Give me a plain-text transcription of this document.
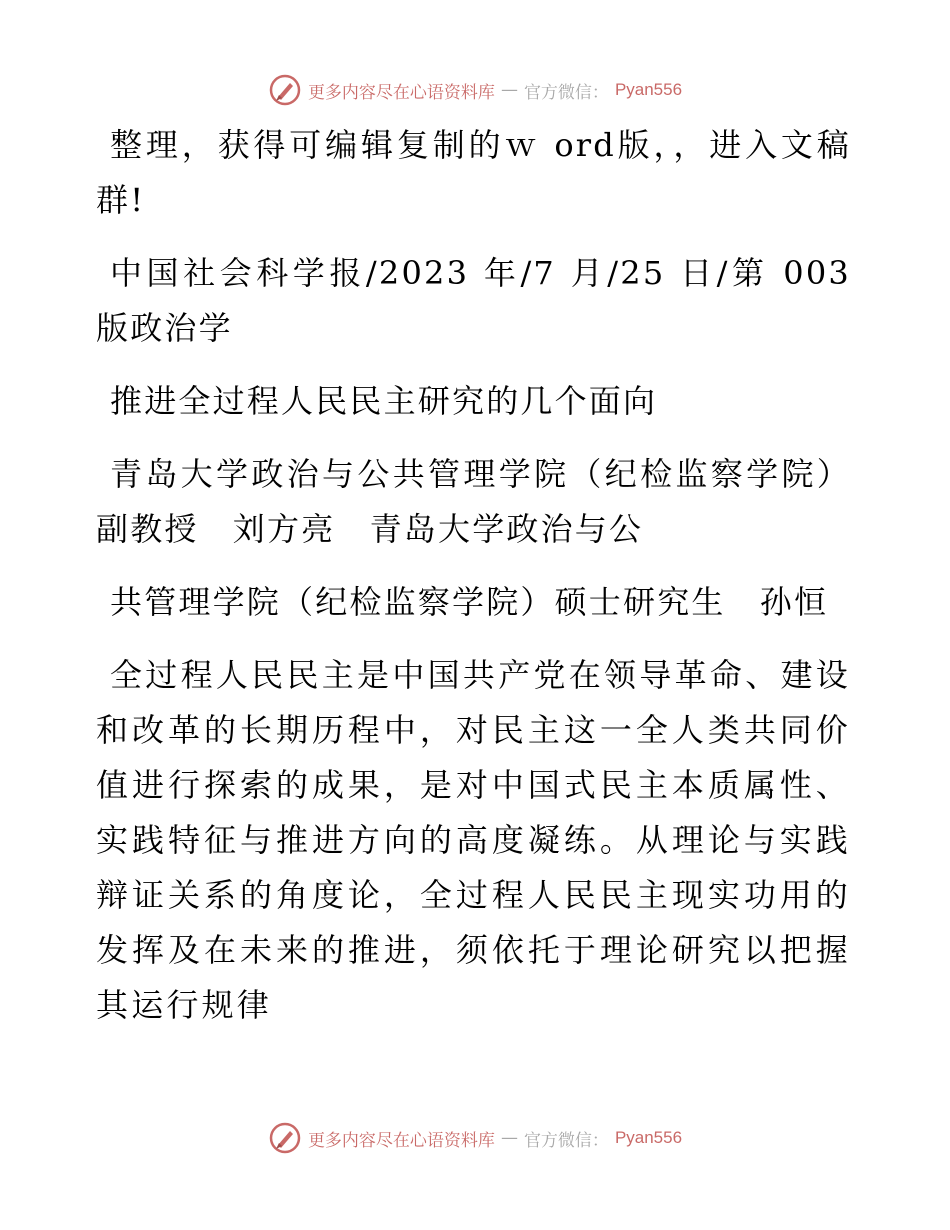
更多内容尽在心语资料库 — 官方微信： Pyan556

整理，获得可编辑复制的ｗ ord版，，进入文稿群!

中国社会科学报/2023 年/7 月/25 日/第 003 版政治学

推进全过程人民民主研究的几个面向

青岛大学政治与公共管理学院（纪检监察学院）副教授　刘方亮　青岛大学政治与公

共管理学院（纪检监察学院）硕士研究生　孙恒

全过程人民民主是中国共产党在领导革命、建设和改革的长期历程中，对民主这一全人类共同价值进行探索的成果，是对中国式民主本质属性、实践特征与推进方向的高度凝练。从理论与实践辩证关系的角度论，全过程人民民主现实功用的发挥及在未来的推进，须依托于理论研究以把握其运行规律

更多内容尽在心语资料库 — 官方微信： Pyan556
